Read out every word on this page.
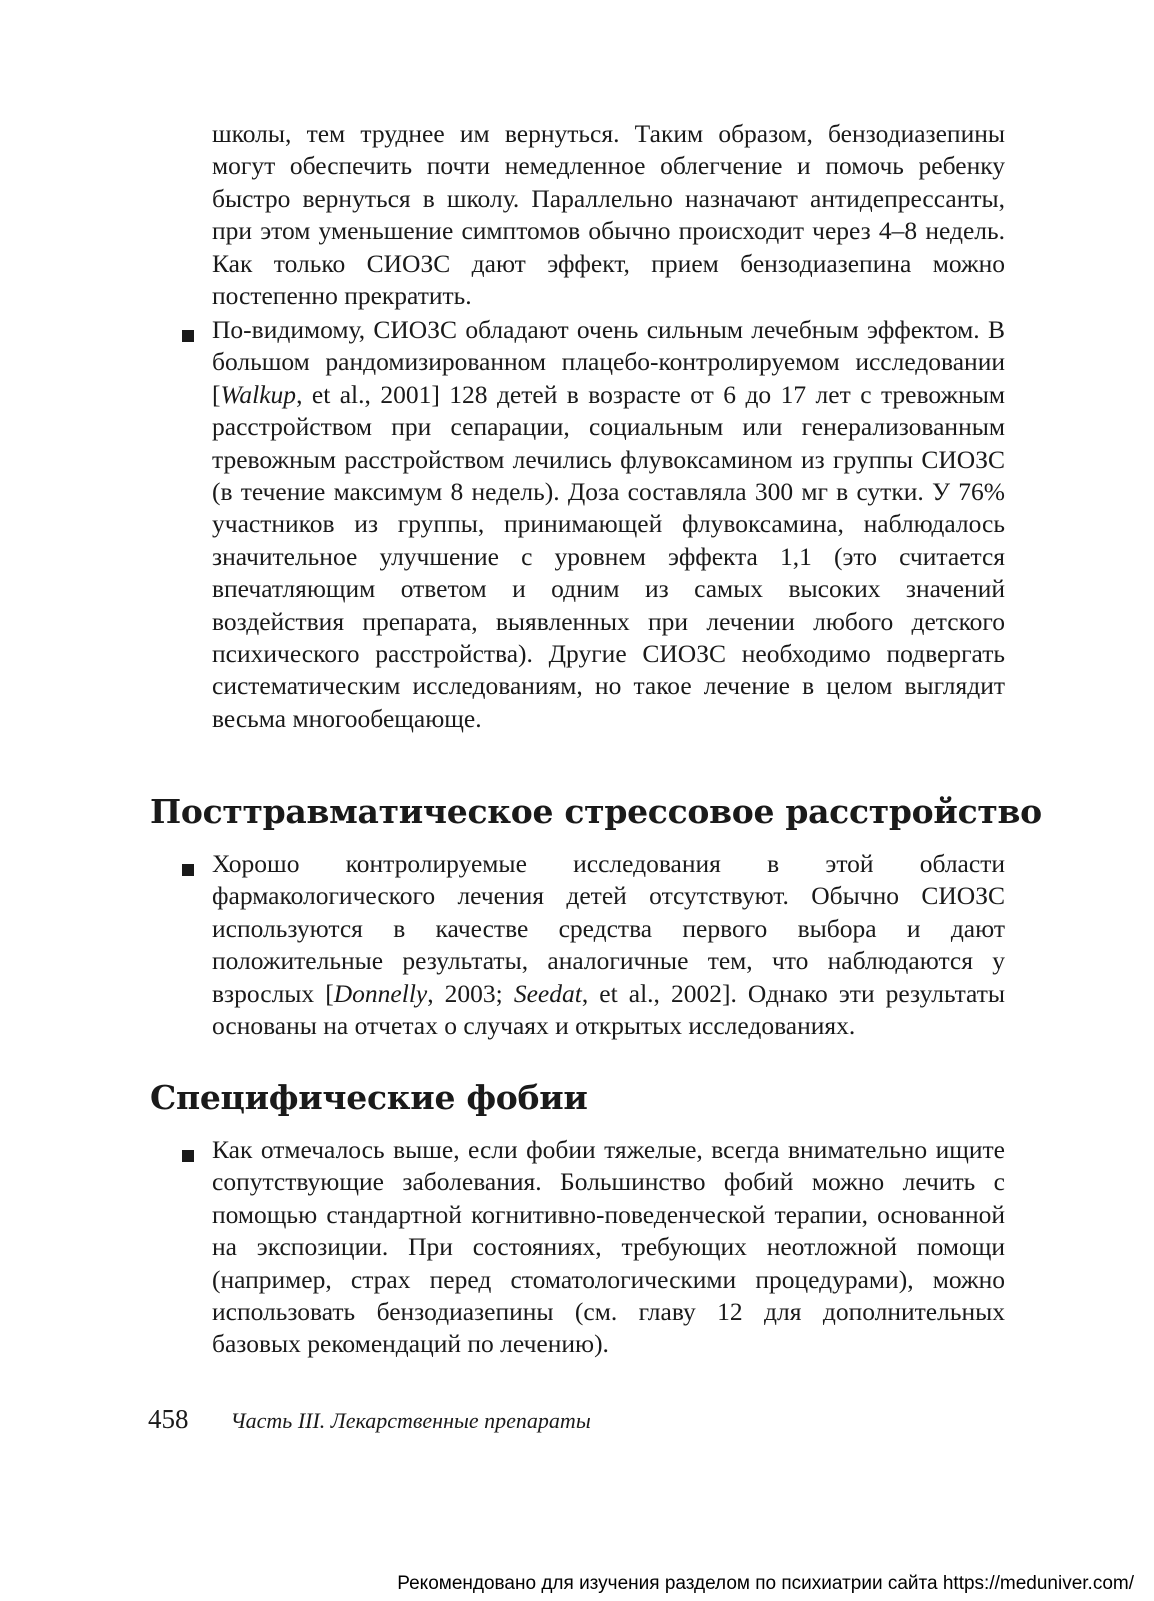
школы, тем труднее им вернуться. Таким образом, бензодиазепины могут обеспечить почти немедленное облегчение и помочь ребенку быстро вернуться в школу. Параллельно назначают антидепрессанты, при этом уменьшение симптомов обычно происходит через 4–8 недель. Как только СИОЗС дают эффект, прием бензодиазепина можно постепенно прекратить.

По-видимому, СИОЗС обладают очень сильным лечебным эффектом. В большом рандомизированном плацебо-контролируемом исследовании [Walkup, et al., 2001] 128 детей в возрасте от 6 до 17 лет с тревожным расстройством при сепарации, социальным или генерализованным тревожным расстройством лечились флувоксамином из группы СИОЗС (в течение максимум 8 недель). Доза составляла 300 мг в сутки. У 76% участников из группы, принимающей флувоксамина, наблюдалось значительное улучшение с уровнем эффекта 1,1 (это считается впечатляющим ответом и одним из самых высоких значений воздействия препарата, выявленных при лечении любого детского психического расстройства). Другие СИОЗС необходимо подвергать систематическим исследованиям, но такое лечение в целом выглядит весьма многообещающе.

Посттравматическое стрессовое расстройство

Хорошо контролируемые исследования в этой области фармакологического лечения детей отсутствуют. Обычно СИОЗС используются в качестве средства первого выбора и дают положительные результаты, аналогичные тем, что наблюдаются у взрослых [Donnelly, 2003; Seedat, et al., 2002]. Однако эти результаты основаны на отчетах о случаях и открытых исследованиях.

Специфические фобии

Как отмечалось выше, если фобии тяжелые, всегда внимательно ищите сопутствующие заболевания. Большинство фобий можно лечить с помощью стандартной когнитивно-поведенческой терапии, основанной на экспозиции. При состояниях, требующих неотложной помощи (например, страх перед стоматологическими процедурами), можно использовать бензодиазепины (см. главу 12 для дополнительных базовых рекомендаций по лечению).

458 Часть III. Лекарственные препараты
Рекомендовано для изучения разделом по психиатрии сайта https://meduniver.com/
